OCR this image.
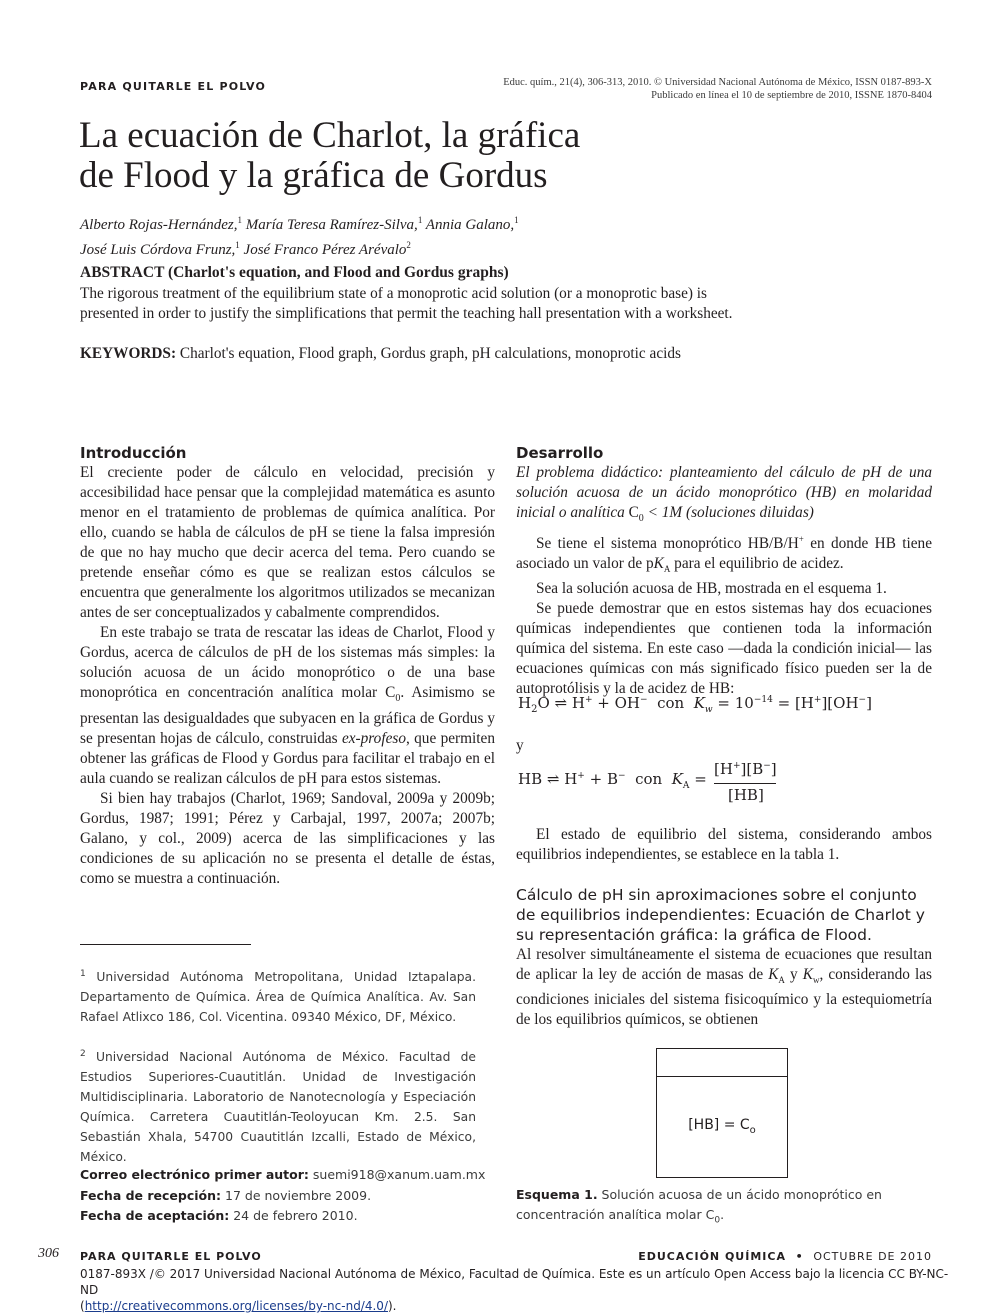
PARA QUITARLE EL POLVO	Educ. quím., 21(4), 306-313, 2010. © Universidad Nacional Autónoma de México, ISSN 0187-893-X
Publicado en línea el 10 de septiembre de 2010, ISSNE 1870-8404
La ecuación de Charlot, la gráfica
de Flood y la gráfica de Gordus
Alberto Rojas-Hernández,$^1$ María Teresa Ramírez-Silva,$^1$ Annia Galano,$^1$
José Luis Córdova Frunz,$^1$ José Franco Pérez Arévalo$^2$
ABSTRACT (Charlot's equation, and Flood and Gordus graphs)

The rigorous treatment of the equilibrium state of a monoprotic acid solution (or a monoprotic base) is presented in order to justify the simplifications that permit the teaching hall presentation with a worksheet.

KEYWORDS: Charlot's equation, Flood graph, Gordus graph, pH calculations, monoprotic acids

Introducción

El creciente poder de cálculo en velocidad, precisión y accesibilidad hace pensar que la complejidad matemática es asunto menor en el tratamiento de problemas de química analítica. Por ello, cuando se habla de cálculos de pH se tiene la falsa impresión de que no hay mucho que decir acerca del tema. Pero cuando se pretende enseñar cómo es que se realizan estos cálculos se encuentra que generalmente los algoritmos utilizados se mecanizan antes de ser conceptualizados y cabalmente comprendidos.

En este trabajo se trata de rescatar las ideas de Charlot, Flood y Gordus, acerca de cálculos de pH de los sistemas más simples: la solución acuosa de un ácido monoprótico o de una base monoprótica en concentración analítica molar $C_0$. Asimismo se presentan las desigualdades que subyacen en la gráfica de Gordus y se presentan hojas de cálculo, construidas ex-profeso, que permiten obtener las gráficas de Flood y Gordus para facilitar el trabajo en el aula cuando se realizan cálculos de pH para estos sistemas.

Si bien hay trabajos (Charlot, 1969; Sandoval, 2009a y 2009b; Gordus, 1987; 1991; Pérez y Carbajal, 1997, 2007a; 2007b; Galano, y col., 2009) acerca de las simplificaciones y las condiciones de su aplicación no se presenta el detalle de éstas, como se muestra a continuación.

$^1$ Universidad Autónoma Metropolitana, Unidad Iztapalapa. Departamento de Química. Área de Química Analítica. Av. San Rafael Atlixco 186, Col. Vicentina. 09340 México, DF, México.
$^2$ Universidad Nacional Autónoma de México. Facultad de Estudios Superiores-Cuautitlán. Unidad de Investigación Multidisciplinaria. Laboratorio de Nanotecnología y Especiación Química. Carretera Cuautitlán-Teoloyucan Km. 2.5. San Sebastián Xhala, 54700 Cuautitlán Izcalli, Estado de México, México.
Correo electrónico primer autor: suemi918@xanum.uam.mx
Fecha de recepción: 17 de noviembre 2009.
Fecha de aceptación: 24 de febrero 2010.
Desarrollo

El problema didáctico: planteamiento del cálculo de pH de una solución acuosa de un ácido monoprótico (HB) en molaridad inicial o analítica $C_0 < 1M$ (soluciones diluidas)

Se tiene el sistema monoprótico HB/B/H+ en donde HB tiene asociado un valor de $pK_A$ para el equilibrio de acidez.

Sea la solución acuosa de HB, mostrada en el esquema 1.

Se puede demostrar que en estos sistemas hay dos ecuaciones químicas independientes que contienen toda la información química del sistema. En este caso —dada la condición inicial— las ecuaciones químicas con más significado físico pueden ser la de autoprotólisis y la de acidez de HB:

$H_2O$ ⇌ H+ + OH−  con  $K_w = 10^{-14} = [H^+][OH^-]$
y
HB ⇌ H+ + B−  con  $K_A$ =
[H+][B−]
[HB]

El estado de equilibrio del sistema, considerando ambos equilibrios independientes, se establece en la tabla 1.

Cálculo de pH sin aproximaciones sobre el conjunto de equilibrios independientes: Ecuación de Charlot y su representación gráfica: la gráfica de Flood.

Al resolver simultáneamente el sistema de ecuaciones que resultan de aplicar la ley de acción de masas de $K_A$ y $K_w$, considerando las condiciones iniciales del sistema fisicoquímico y la estequiometría de los equilibrios químicos, se obtienen

$[HB] = C_o$
Esquema 1. Solución acuosa de un ácido monoprótico en concentración analítica molar $C_0$.
306 PARA QUITARLE EL POLVO	EDUCACIÓN QUÍMICA • OCTUBRE DE 2010
0187-893X /© 2017 Universidad Nacional Autónoma de México, Facultad de Química. Este es un artículo Open Access bajo la licencia CC BY-NC-ND
(http://creativecommons.org/licenses/by-nc-nd/4.0/).
